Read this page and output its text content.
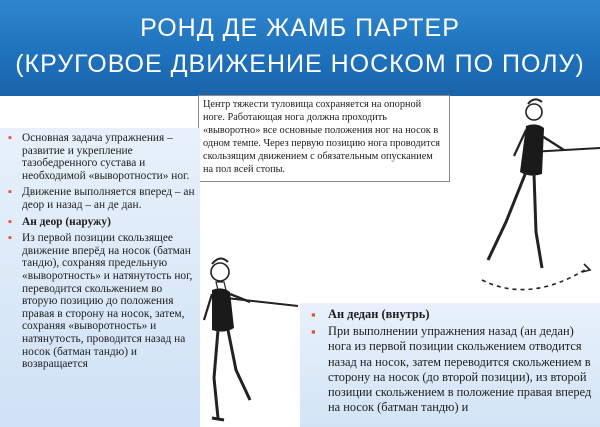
РОНД ДЕ ЖАМБ ПАРТЕР
(КРУГОВОЕ ДВИЖЕНИЕ НОСКОМ ПО ПОЛУ)
Центр тяжести туловища сохраняется на опорной ноге. Работающая нога должна проходить «выворотно» все основные положения ног на носок в одном темпе. Через первую позицию нога проводится скользящим движением с обязательным опусканием на пол всей стопы.
▪ Основная задача упражнения – развитие и укрепление тазобедренного сустава и необходимой «выворотности» ног.
▪ Движение выполняется вперед – ан деор и назад – ан де дан.
▪ Ан деор (наружу)
▪ Из первой позиции скользящее движение вперёд на носок (батман тандю), сохраняя предельную «выворотность» и натянутость ног, переводится скольжением во вторую позицию до положения правая в сторону на носок, затем, сохраняя «выворотность» и натянутость, проводится назад на носок (батман тандю) и возвращается
▪ Ан дедан (внутрь)
▪ При выполнении упражнения назад (ан дедан) нога из первой позиции скольжением отводится назад на носок, затем переводится скольжением в сторону на носок (до второй позиции), из второй позиции скольжением в положение правая вперед на носок (батман тандю) и
